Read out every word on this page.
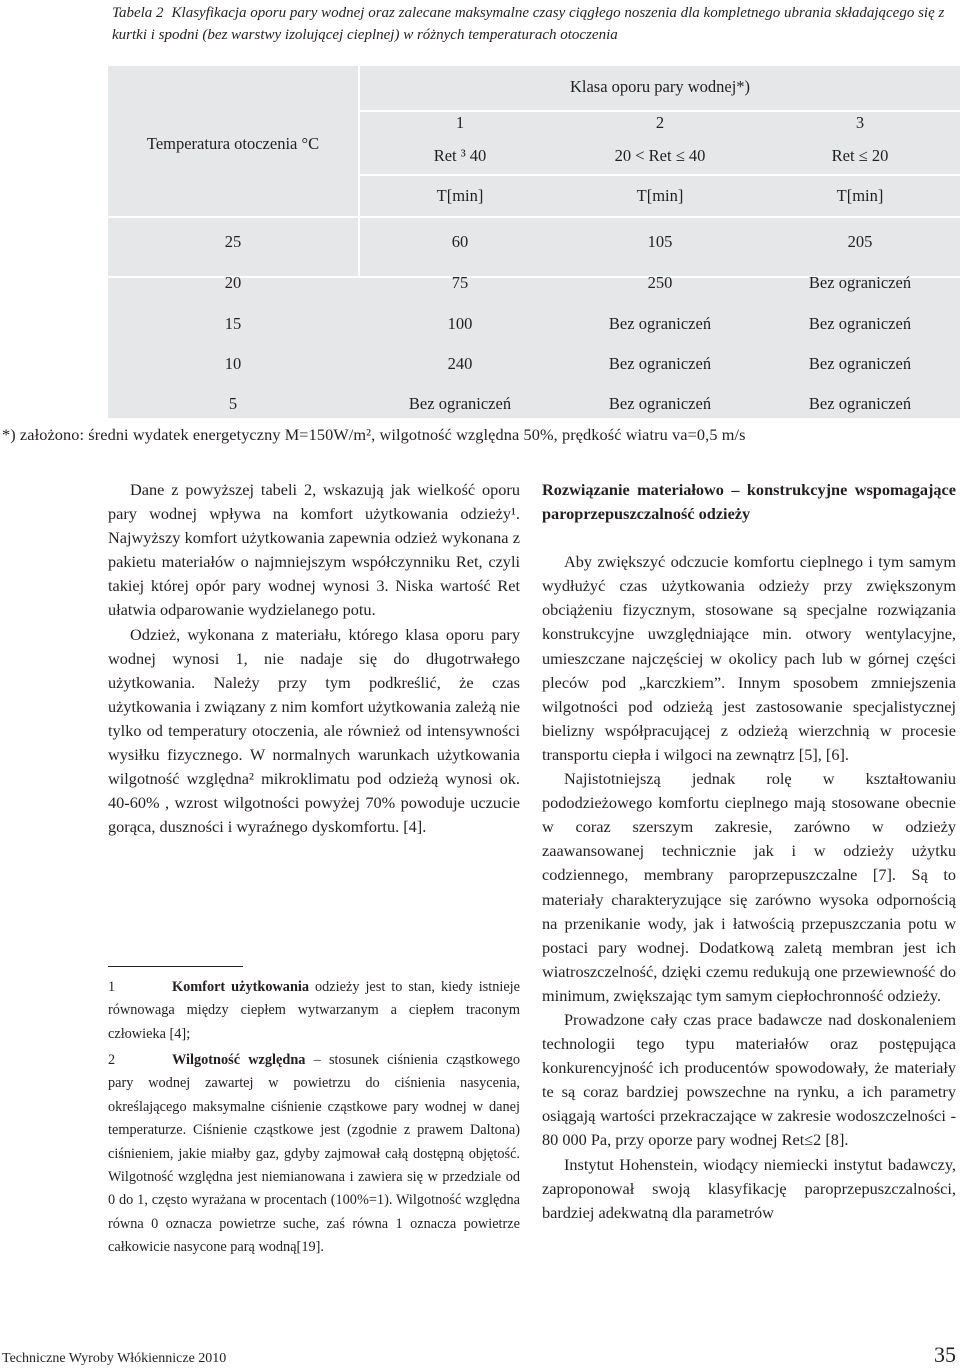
Tabela 2 Klasyfikacja oporu pary wodnej oraz zalecane maksymalne czasy ciągłego noszenia dla kompletnego ubrania składającego się z kurtki i spodni (bez warstwy izolującej cieplnej) w różnych temperaturach otoczenia
Temperatura otoczenia °C
Klasa oporu pary wodnej*)
1	2	3
Ret ³ 40	20 < Ret ≤ 40	Ret ≤ 20
T[min]	T[min]	T[min]
25	60	105	205
20	75	250	Bez ograniczeń
15	100	Bez ograniczeń	Bez ograniczeń
10	240	Bez ograniczeń	Bez ograniczeń
5	Bez ograniczeń	Bez ograniczeń	Bez ograniczeń
*) założono: średni wydatek energetyczny M=150W/m², wilgotność względna 50%, prędkość wiatru va=0,5 m/s

Dane z powyższej tabeli 2, wskazują jak wielkość oporu pary wodnej wpływa na komfort użytkowania odzieży¹. Najwyższy komfort użytkowania zapewnia odzież wykonana z pakietu materiałów o najmniejszym współczynniku Ret, czyli takiej której opór pary wodnej wynosi 3. Niska wartość Ret ułatwia odparowanie wydzielanego potu.

Odzież, wykonana z materiału, którego klasa oporu pary wodnej wynosi 1, nie nadaje się do długotrwałego użytkowania. Należy przy tym podkreślić, że czas użytkowania i związany z nim komfort użytkowania zależą nie tylko od temperatury otoczenia, ale również od intensywności wysiłku fizycznego. W normalnych warunkach użytkowania wilgotność względna² mikroklimatu pod odzieżą wynosi ok. 40-60% , wzrost wilgotności powyżej 70% powoduje uczucie gorąca, duszności i wyraźnego dyskomfortu. [4].

1	Komfort użytkowania odzieży jest to stan, kiedy istnieje równowaga między ciepłem wytwarzanym a ciepłem traconym człowieka [4];
2	Wilgotność względna – stosunek ciśnienia cząstkowego pary wodnej zawartej w powietrzu do ciśnienia nasycenia, określającego maksymalne ciśnienie cząstkowe pary wodnej w danej temperaturze. Ciśnienie cząstkowe jest (zgodnie z prawem Daltona) ciśnieniem, jakie miałby gaz, gdyby zajmował całą dostępną objętość. Wilgotność względna jest niemianowana i zawiera się w przedziale od 0 do 1, często wyrażana w procentach (100%=1). Wilgotność względna równa 0 oznacza powietrze suche, zaś równa 1 oznacza powietrze całkowicie nasycone parą wodną[19].

Rozwiązanie materiałowo – konstrukcyjne wspomagające paroprzepuszczalność odzieży

Aby zwiększyć odczucie komfortu cieplnego i tym samym wydłużyć czas użytkowania odzieży przy zwiększonym obciążeniu fizycznym, stosowane są specjalne rozwiązania konstrukcyjne uwzględniające min. otwory wentylacyjne, umieszczane najczęściej w okolicy pach lub w górnej części pleców pod „karczkiem”. Innym sposobem zmniejszenia wilgotności pod odzieżą jest zastosowanie specjalistycznej bielizny współpracującej z odzieżą wierzchnią w procesie transportu ciepła i wilgoci na zewnątrz [5], [6].

Najistotniejszą jednak rolę w kształtowaniu pododzieżowego komfortu cieplnego mają stosowane obecnie w coraz szerszym zakresie, zarówno w odzieży zaawansowanej technicznie jak i w odzieży użytku codziennego, membrany paroprzepuszczalne [7]. Są to materiały charakteryzujące się zarówno wysoka odpornością na przenikanie wody, jak i łatwością przepuszczania potu w postaci pary wodnej. Dodatkową zaletą membran jest ich wiatroszczelność, dzięki czemu redukują one przewiewność do minimum, zwiększając tym samym ciepłochronność odzieży.

Prowadzone cały czas prace badawcze nad doskonaleniem technologii tego typu materiałów oraz postępująca konkurencyjność ich producentów spowodowały, że materiały te są coraz bardziej powszechne na rynku, a ich parametry osiągają wartości przekraczające w zakresie wodoszczelności - 80 000 Pa, przy oporze pary wodnej Ret≤2 [8].

Instytut Hohenstein, wiodący niemiecki instytut badawczy, zaproponował swoją klasyfikację paroprzepuszczalności, bardziej adekwatną dla parametrów

Techniczne Wyroby Włókiennicze 2010	35
